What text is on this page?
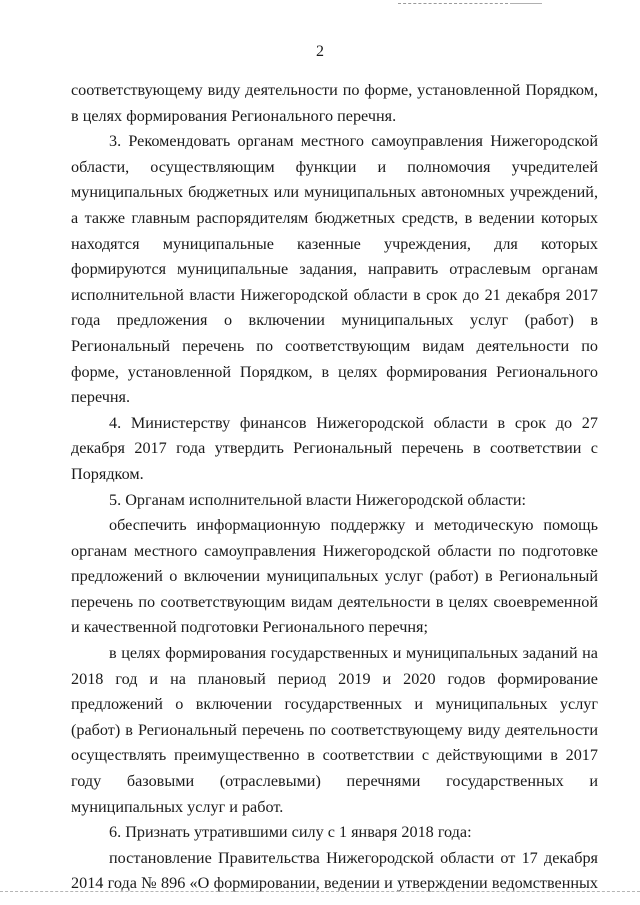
2

соответствующему виду деятельности по форме, установленной Порядком, в целях формирования Регионального перечня.

3. Рекомендовать органам местного самоуправления Нижегородской области, осуществляющим функции и полномочия учредителей муниципальных бюджетных или муниципальных автономных учреждений, а также главным распорядителям бюджетных средств, в ведении которых находятся муниципальные казенные учреждения, для которых формируются муниципальные задания, направить отраслевым органам исполнительной власти Нижегородской области в срок до 21 декабря 2017 года предложения о включении муниципальных услуг (работ) в Региональный перечень по соответствующим видам деятельности по форме, установленной Порядком, в целях формирования Регионального перечня.

4. Министерству финансов Нижегородской области в срок до 27 декабря 2017 года утвердить Региональный перечень в соответствии с Порядком.

5. Органам исполнительной власти Нижегородской области:

обеспечить информационную поддержку и методическую помощь органам местного самоуправления Нижегородской области по подготовке предложений о включении муниципальных услуг (работ) в Региональный перечень по соответствующим видам деятельности в целях своевременной и качественной подготовки Регионального перечня;

в целях формирования государственных и муниципальных заданий на 2018 год и на плановый период 2019 и 2020 годов формирование предложений о включении государственных и муниципальных услуг (работ) в Региональный перечень по соответствующему виду деятельности осуществлять преимущественно в соответствии с действующими в 2017 году базовыми (отраслевыми) перечнями государственных и муниципальных услуг и работ.

6. Признать утратившими силу с 1 января 2018 года:

постановление Правительства Нижегородской области от 17 декабря 2014 года № 896 «О формировании, ведении и утверждении ведомственных
